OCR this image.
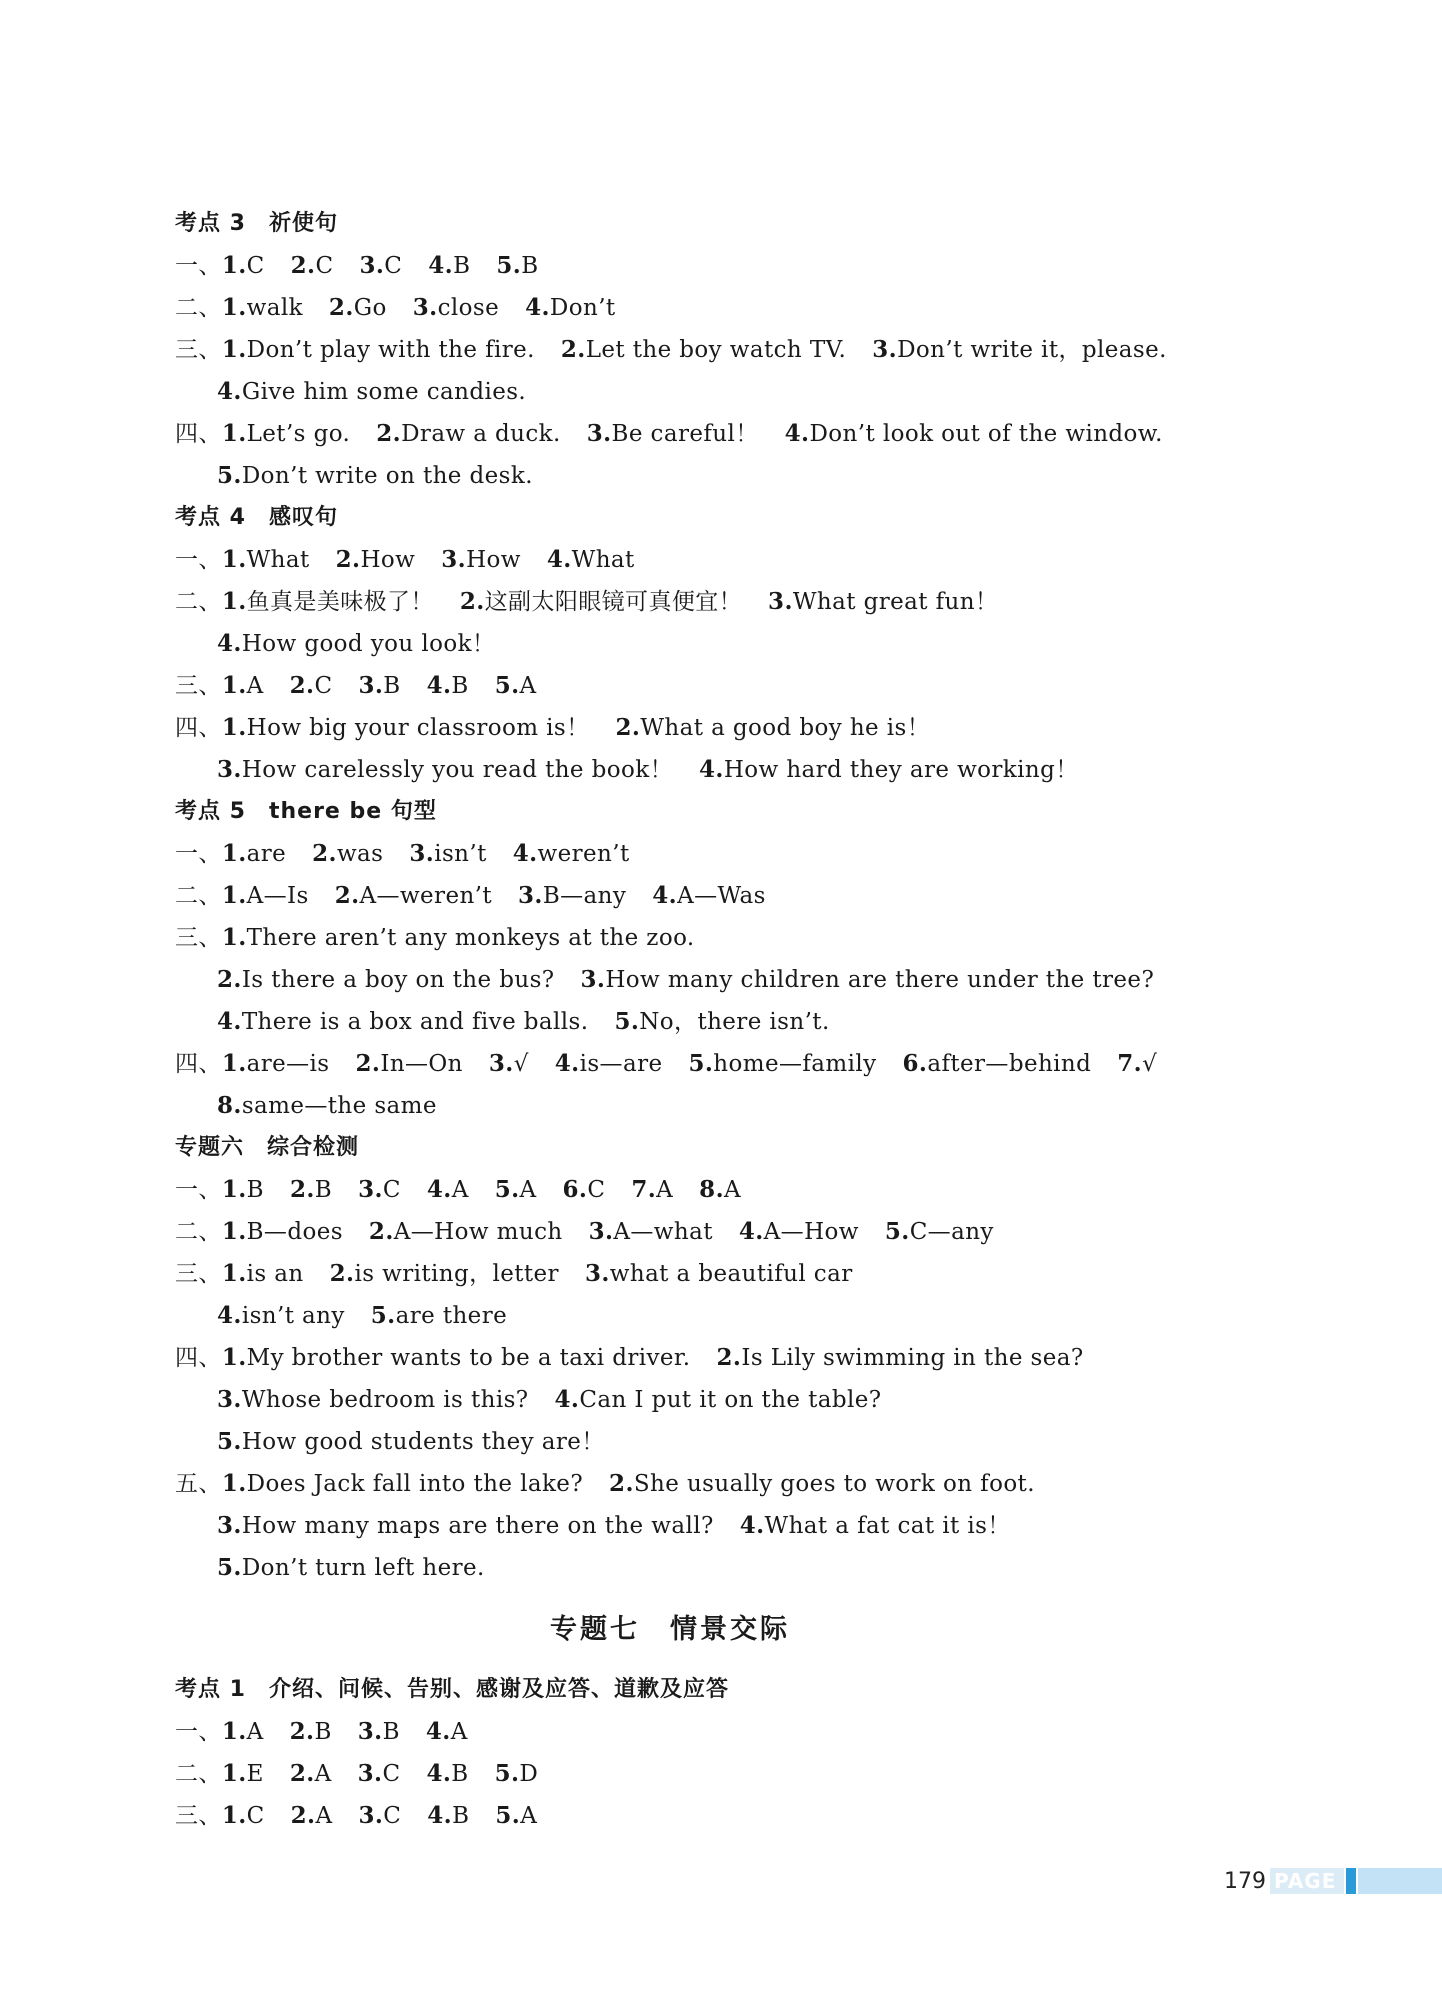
考点 3　祈使句
一、1.C 2.C 3.C 4.B 5.B
二、1.walk 2.Go 3.close 4.Don’t
三、1.Don’t play with the fire. 2.Let the boy watch TV. 3.Don’t write it，please.
4.Give him some candies.
四、1.Let’s go. 2.Draw a duck. 3.Be careful！ 4.Don’t look out of the window.
5.Don’t write on the desk.
考点 4　感叹句
一、1.What 2.How 3.How 4.What
二、1.鱼真是美味极了！ 2.这副太阳眼镜可真便宜！ 3.What great fun！
4.How good you look！
三、1.A 2.C 3.B 4.B 5.A
四、1.How big your classroom is！ 2.What a good boy he is！
3.How carelessly you read the book！ 4.How hard they are working！
考点 5　there be 句型
一、1.are 2.was 3.isn’t 4.weren’t
二、1.A—Is 2.A—weren’t 3.B—any 4.A—Was
三、1.There aren’t any monkeys at the zoo.
2.Is there a boy on the bus? 3.How many children are there under the tree?
4.There is a box and five balls. 5.No，there isn’t.
四、1.are—is 2.In—On 3.√ 4.is—are 5.home—family 6.after—behind 7.√
8.same—the same
专题六　综合检测
一、1.B 2.B 3.C 4.A 5.A 6.C 7.A 8.A
二、1.B—does 2.A—How much 3.A—what 4.A—How 5.C—any
三、1.is an 2.is writing，letter 3.what a beautiful car
4.isn’t any 5.are there
四、1.My brother wants to be a taxi driver. 2.Is Lily swimming in the sea?
3.Whose bedroom is this? 4.Can I put it on the table?
5.How good students they are！
五、1.Does Jack fall into the lake? 2.She usually goes to work on foot.
3.How many maps are there on the wall? 4.What a fat cat it is！
5.Don’t turn left here.
专题七　情景交际
考点 1　介绍、问候、告别、感谢及应答、道歉及应答
一、1.A 2.B 3.B 4.A
二、1.E 2.A 3.C 4.B 5.D
三、1.C 2.A 3.C 4.B 5.A
179 PAGE
